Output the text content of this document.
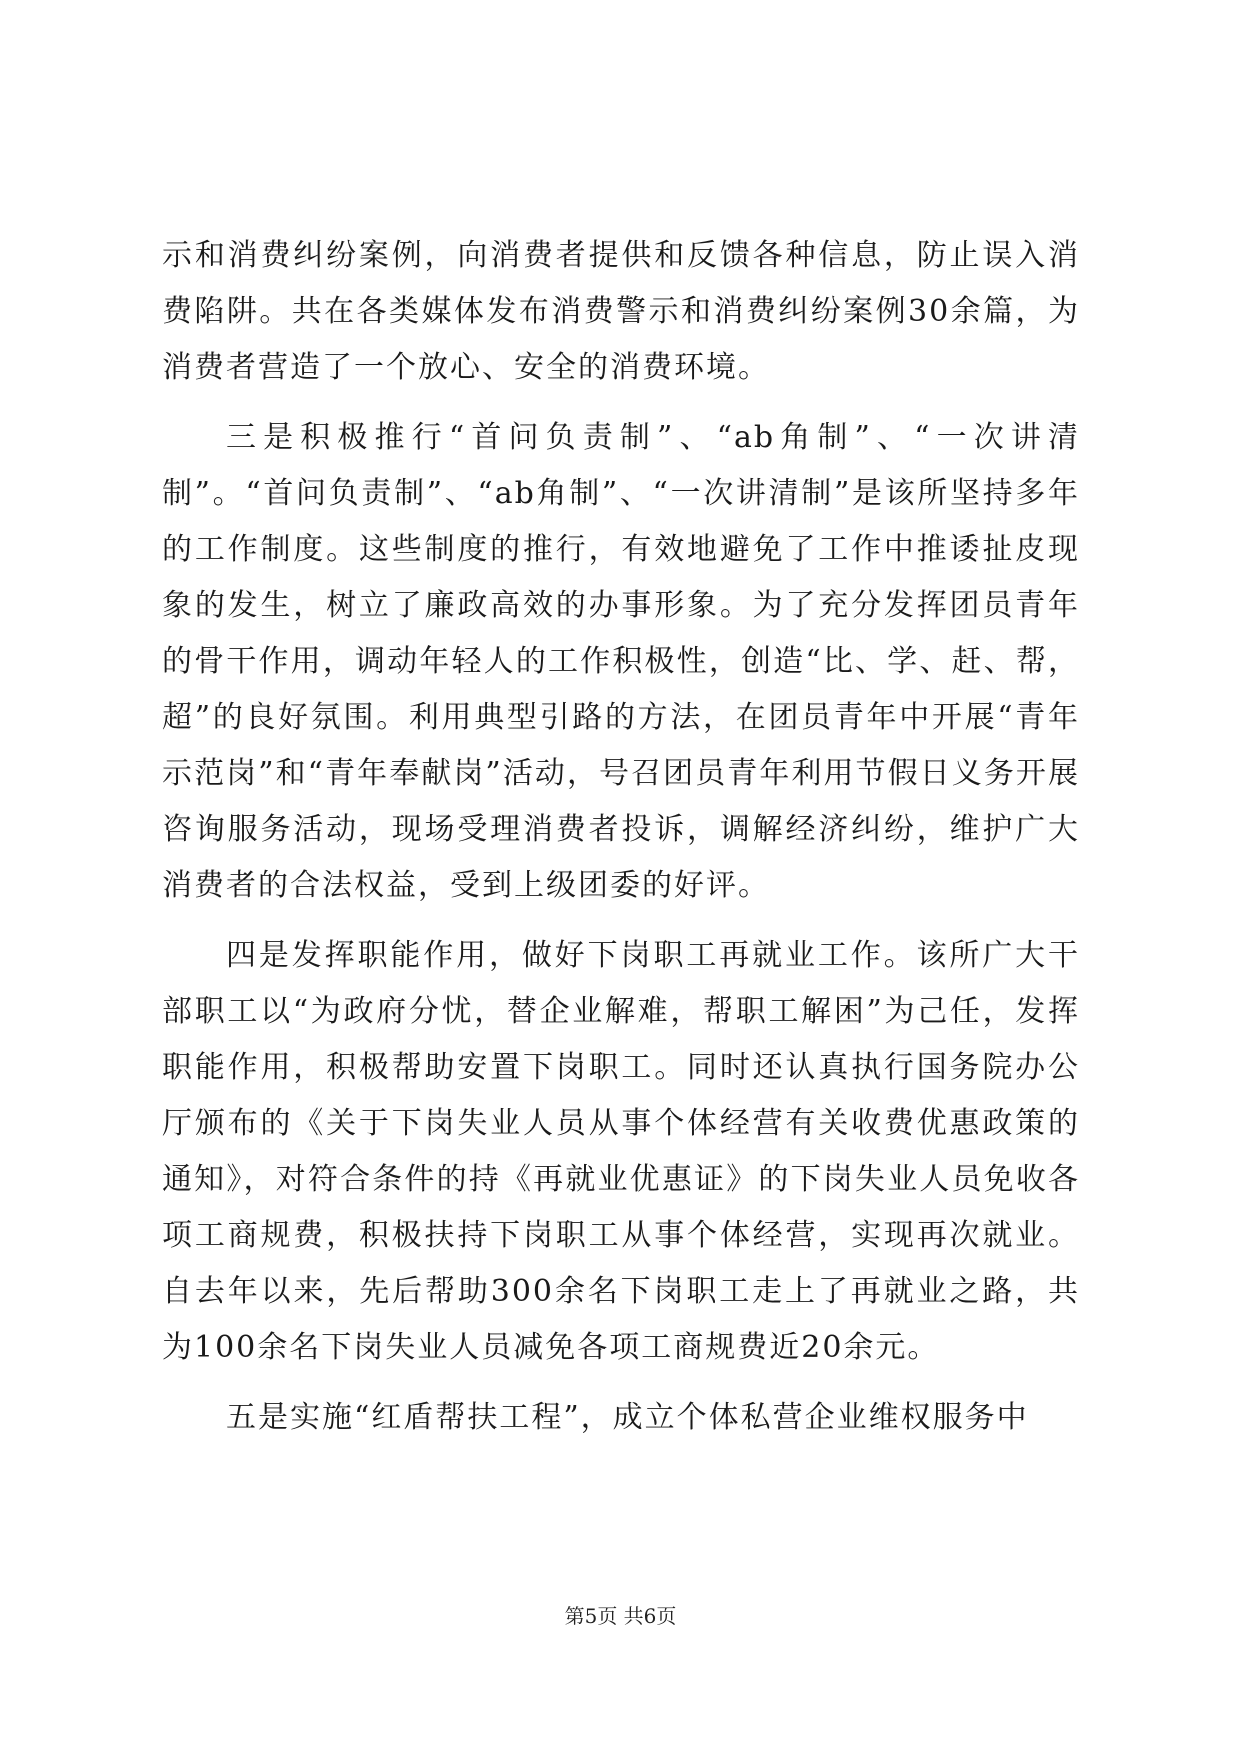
示和消费纠纷案例，向消费者提供和反馈各种信息，防止误入消费陷阱。共在各类媒体发布消费警示和消费纠纷案例30余篇，为消费者营造了一个放心、安全的消费环境。

三是积极推行“首问负责制”、“ab角制”、“一次讲清制”。“首问负责制”、“ab角制”、“一次讲清制”是该所坚持多年的工作制度。这些制度的推行，有效地避免了工作中推诿扯皮现象的发生，树立了廉政高效的办事形象。为了充分发挥团员青年的骨干作用，调动年轻人的工作积极性，创造“比、学、赶、帮，超”的良好氛围。利用典型引路的方法，在团员青年中开展“青年示范岗”和“青年奉献岗”活动，号召团员青年利用节假日义务开展咨询服务活动，现场受理消费者投诉，调解经济纠纷，维护广大消费者的合法权益，受到上级团委的好评。

四是发挥职能作用，做好下岗职工再就业工作。该所广大干部职工以“为政府分忧，替企业解难，帮职工解困”为己任，发挥职能作用，积极帮助安置下岗职工。同时还认真执行国务院办公厅颁布的《关于下岗失业人员从事个体经营有关收费优惠政策的通知》，对符合条件的持《再就业优惠证》的下岗失业人员免收各项工商规费，积极扶持下岗职工从事个体经营，实现再次就业。自去年以来，先后帮助300余名下岗职工走上了再就业之路，共为100余名下岗失业人员减免各项工商规费近20余元。

五是实施“红盾帮扶工程”，成立个体私营企业维权服务中

第5页 共6页
